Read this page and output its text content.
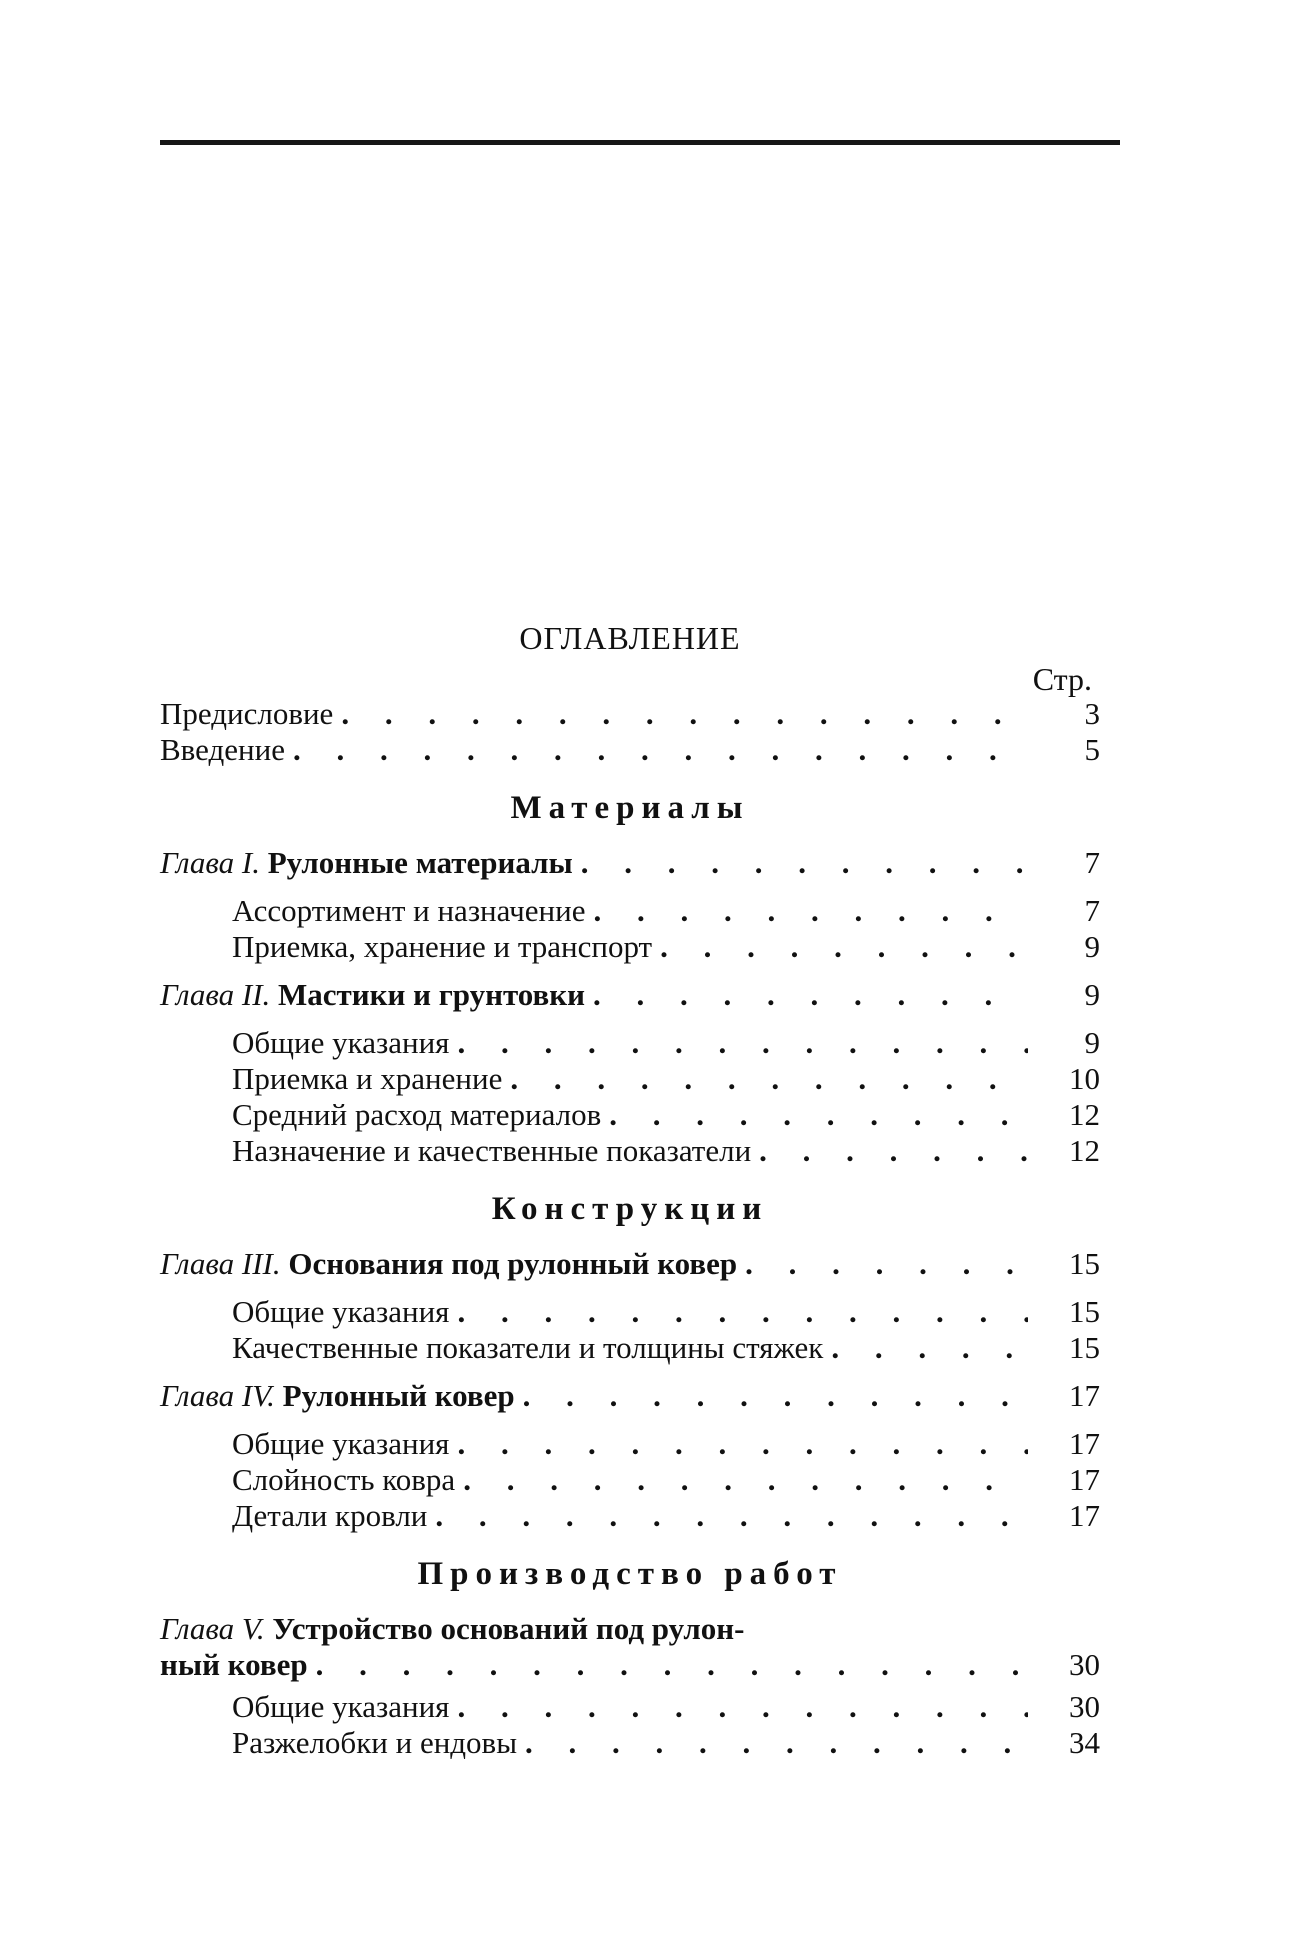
ОГЛАВЛЕНИЕ
Стр.
Предисловие . . .	3
Введение . . .	5
Материалы
Глава I. Рулонные материалы . . .	7
Ассортимент и назначение . . .	7
Приемка, хранение и транспорт . . .	9
Глава II. Мастики и грунтовки . . .	9
Общие указания . . .	9
Приемка и хранение . . .	10
Средний расход материалов . . .	12
Назначение и качественные показатели . . .	12
Конструкции
Глава III. Основания под рулонный ковер . . .	15
Общие указания . . .	15
Качественные показатели и толщины стяжек . . .	15
Глава IV. Рулонный ковер . . .	17
Общие указания . . .	17
Слойность ковра . . .	17
Детали кровли . . .	17
Производство работ
Глава V. Устройство оснований под рулон-
ный ковер . . .	30
Общие указания . . .	30
Разжелобки и ендовы . . .	34
